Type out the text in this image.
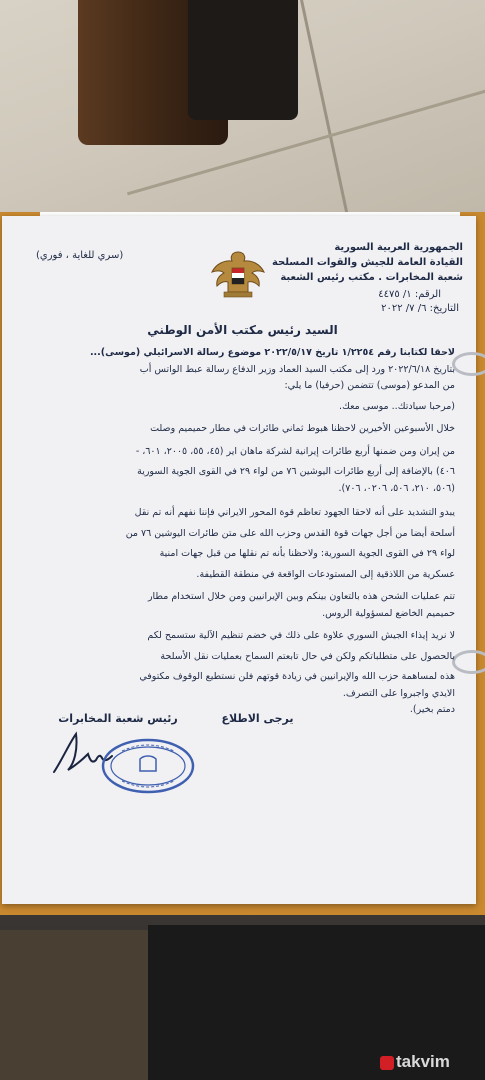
(سري للغاية ، فوري)
الجمهورية العربية السورية
القيادة العامة للجيش والقوات المسلحة
شعبة المخابرات . مكتب رئيس الشعبة
الرقم: ١/ ٤٤٧٥
التاريخ: ٦/ ٧/ ٢٠٢٢
السيد رئيس مكتب الأمن الوطني

لاحقا لكتابنا رقم ١/٢٢٥٤ تاريخ ٢٠٢٢/٥/١٧ موضوع رسالة الاسرائيلي (موسى)...

بتاريخ ٢٠٢٢/٦/١٨ ورد إلى مكتب السيد العماد وزير الدفاع رسالة عبط الواتس أب

من المدعو (موسى) تتضمن (حرفيا) ما يلي:

(مرحبا سيادتك.. موسى معك.

خلال الأسبوعين الأخيرين لاحظنا هبوط ثماني طائرات في مطار حميميم وصلت

من إيران ومن ضمنها أربع طائرات إيرانية لشركة ماهان اير (٤٥، ٥٥، ٢٠٠٥، ٦٠١، -

٤٠٦) بالإضافة إلى أربع طائرات اليوشين ٧٦ من لواء ٢٩ في القوى الجوية السورية

(٥٠٦، ٢١٠، ٥٠٦، ٠٢٠٦، ٧٠٦).

يبدو التشديد على أنه لاحقا الجهود تعاظم قوة المحور الايراني فإننا نفهم أنه تم نقل

أسلحة أيضا من أجل جهات قوة القدس وحزب الله على متن طائرات اليوشين ٧٦ من

لواء ٢٩ في القوى الجوية السورية: ولاحظنا بأنه تم نقلها من قبل جهات امنية

عسكرية من اللاذقية إلى المستودعات الواقعة في منطقة القطيفة.

تتم عمليات الشحن هذه بالتعاون بينكم وبين الإيرانيين ومن خلال استخدام مطار

حميميم الخاضع لمسؤولية الروس.

لا نريد إيذاء الجيش السوري علاوة على ذلك في خضم تنظيم الآلية ستسمح لكم

بالحصول على متطلباتكم ولكن في حال تابعتم السماح بعمليات نقل الأسلحة

هذه لمساهمة حزب الله والإيرانيين في زيادة قوتهم فلن نستطيع الوقوف مكتوفي

الايدي واجبروا على التصرف.

دمتم بخير).

يرجى الاطلاع
رئيس شعبة المخابرات
takvim
